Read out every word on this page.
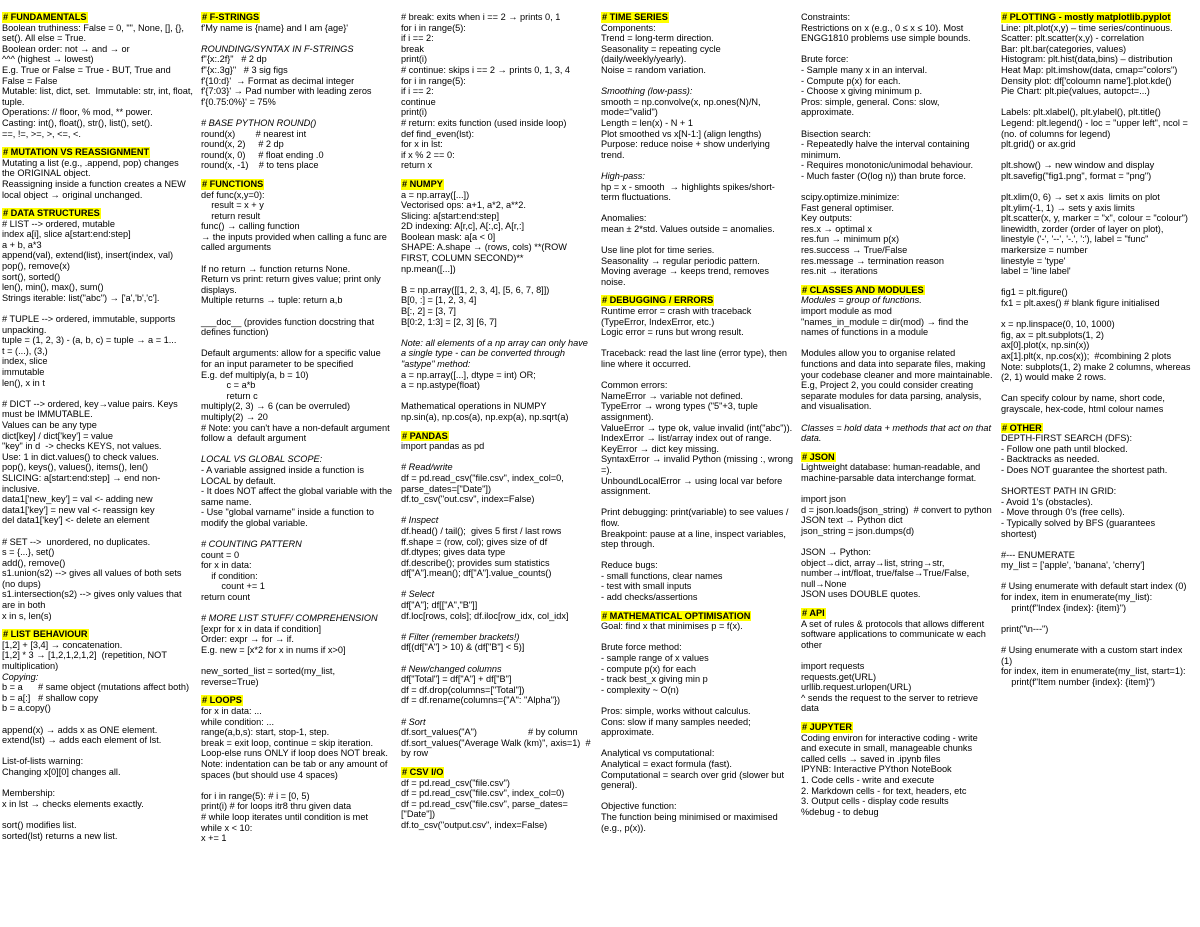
# FUNDAMENTALS
Boolean truthiness: False = 0, "", None, [], {}, set(). All else = True.
Boolean order: not → and → or
^^^ (highest → lowest)
E.g. True or False = True - BUT, True and False = False
Mutable: list, dict, set.  Immutable: str, int, float, tuple.
Operations: // floor, % mod, ** power.
Casting: int(), float(), str(), list(), set().
==, !=, >=, >, <=, <.
# MUTATION VS REASSIGNMENT
Mutating a list (e.g., .append, pop) changes the ORIGINAL object.
Reassigning inside a function creates a NEW local object → original unchanged.
# DATA STRUCTURES
# LIST --> ordered, mutable
index a[i], slice a[start:end:step]
a + b, a*3
append(val), extend(list), insert(index, val)
pop(), remove(x)
sort(), sorted()
len(), min(), max(), sum()
Strings iterable: list("abc") → ['a','b','c'].
# TUPLE --> ordered, immutable, supports unpacking.
tuple = (1, 2, 3) - (a, b, c) = tuple → a = 1...
t = (...), (3,)
index, slice
immutable
len(), x in t
# DICT --> ordered, key→value pairs. Keys must be IMMUTABLE.
Values can be any type
dict[key] / dict['key'] = value
"key" in d  -> checks KEYS, not values.
Use: 1 in dict.values() to check values.
pop(), keys(), values(), items(), len()
SLICING: a[start:end:step] → end non-inclusive.
data1['new_key'] = val <- adding new
data1['key'] = new val <- reassign key
del data1['key'] <- delete an element
# SET -->  unordered, no duplicates.
s = {...}, set()
add(), remove()
s1.union(s2) --> gives all values of both sets (no dups)
s1.intersection(s2) --> gives only values that are in both
x in s, len(s)
# LIST BEHAVIOUR
[1,2] + [3,4] → concatenation.
[1,2] * 3 → [1,2,1,2,1,2]  (repetition, NOT multiplication)
Copying:
b = a      # same object (mutations affect both)
b = a[:]   # shallow copy
b = a.copy()
append(x) → adds x as ONE element.
extend(lst) → adds each element of lst.
List-of-lists warning:
Changing x[0][0] changes all.
Membership:
x in lst → checks elements exactly.
sort() modifies list.
sorted(lst) returns a new list.
# F-STRINGS
f'My name is {name} and I am {age}'
ROUNDING/SYNTAX IN F-STRINGS
f"{x:.2f}"   # 2 dp
f"{x:.3g}"   # 3 sig figs
f'{10:d}'  → Format as decimal integer
f'{7:03}' → Pad number with leading zeros
f'{0.75:0%}' = 75%
# BASE PYTHON ROUND()
round(x)        # nearest int
round(x, 2)     # 2 dp
round(x, 0)     # float ending .0
round(x, -1)    # to tens place
# FUNCTIONS
def func(x,y=0):
result = x + y
return result
func() → calling function
→ the inputs provided when calling a func are called arguments
If no return → function returns None.
Return vs print: return gives value; print only displays.
Multiple returns → tuple: return a,b
___doc__ (provides function docstring that defines function)
Default arguments: allow for a specific value for an input parameter to be specified
E.g. def multiply(a, b = 10)
c = a*b
return c
multiply(2, 3) → 6 (can be overruled)
multiply(2) → 20
# Note: you can't have a non-default argument follow a  default argument
LOCAL VS GLOBAL SCOPE:
- A variable assigned inside a function is LOCAL by default.
- It does NOT affect the global variable with the same name.
- Use "global varname" inside a function to modify the global variable.
# COUNTING PATTERN
count = 0
for x in data:
if condition:
count += 1
return count
# MORE LIST STUFF/ COMPREHENSION
[expr for x in data if condition]
Order: expr → for → if.
E.g. new = [x*2 for x in nums if x>0]
new_sorted_list = sorted(my_list, reverse=True)
# LOOPS
for x in data: ...
while condition: ...
range(a,b,s): start, stop-1, step.
break = exit loop, continue = skip iteration.
Loop-else runs ONLY if loop does NOT break.
Note: indentation can be tab or any amount of spaces (but should use 4 spaces)
for i in range(5): # i = [0, 5)
print(i) # for loops itr8 thru given data
# while loop iterates until condition is met
while x < 10:
x += 1
# break: exits when i == 2 → prints 0, 1
for i in range(5):
if i == 2:
break
print(i)
# continue: skips i == 2 → prints 0, 1, 3, 4
for i in range(5):
if i == 2:
continue
print(i)
# return: exits function (used inside loop)
def find_even(lst):
for x in lst:
if x % 2 == 0:
return x
# NUMPY
a = np.array([...])
Vectorised ops: a+1, a*2, a**2.
Slicing: a[start:end:step]
2D indexing: A[r,c], A[:,c], A[r,:]
Boolean mask: a[a < 0]
SHAPE: A.shape → (rows, cols) **(ROW FIRST, COLUMN SECOND)**
np.mean([...])
B = np.array([[1, 2, 3, 4], [5, 6, 7, 8]])
B[0, :] = [1, 2, 3, 4]
B[:, 2] = [3, 7]
B[0:2, 1:3] = [2, 3] [6, 7]
Note: all elements of a np array can only have a single type - can be converted through "astype" method:
a = np.array([...], dtype = int) OR;
a = np.astype(float)
Mathematical operations in NUMPY
np.sin(a), np.cos(a), np.exp(a), np.sqrt(a)
# PANDAS
import pandas as pd
# Read/write
df = pd.read_csv("file.csv", index_col=0, parse_dates=["Date"])
df.to_csv("out.csv", index=False)
# Inspect
df.head() / tail();  gives 5 first / last rows
ff.shape = (row, col); gives size of df
df.dtypes; gives data type
df.describe(); provides sum statistics
df["A"].mean(); df["A"].value_counts()
# Select
df["A"]; df[["A","B"]]
df.loc[rows, cols]; df.iloc[row_idx, col_idx]
# Filter (remember brackets!)
df[(df["A"] > 10) & (df["B"] < 5)]
# New/changed columns
df["Total"] = df["A"] + df["B"]
df = df.drop(columns=["Total"])
df = df.rename(columns={"A": "Alpha"})
# Sort
df.sort_values("A")                    # by column
df.sort_values("Average Walk (km)", axis=1)  # by row
# CSV I/O
df = pd.read_csv("file.csv")
df = pd.read_csv("file.csv", index_col=0)
df = pd.read_csv("file.csv", parse_dates=["Date"])
df.to_csv("output.csv", index=False)
# TIME SERIES
Components:
Trend = long-term direction.
Seasonality = repeating cycle (daily/weekly/yearly).
Noise = random variation.
Smoothing (low-pass):
smooth = np.convolve(x, np.ones(N)/N, mode="valid")
Length = len(x) - N + 1
Plot smoothed vs x[N-1:] (align lengths)
Purpose: reduce noise + show underlying trend.
High-pass:
hp = x - smooth  → highlights spikes/short-term fluctuations.
Anomalies:
mean ± 2*std. Values outside = anomalies.
Use line plot for time series.
Seasonality → regular periodic pattern.
Moving average → keeps trend, removes noise.
# DEBUGGING / ERRORS
Runtime error = crash with traceback (TypeError, IndexError, etc.)
Logic error = runs but wrong result.
Traceback: read the last line (error type), then line where it occurred.
Common errors:
NameError → variable not defined.
TypeError → wrong types ("5"+3, tuple assignment).
ValueError → type ok, value invalid (int("abc")).
IndexError → list/array index out of range.
KeyError → dict key missing.
SyntaxError → invalid Python (missing :, wrong =).
UnboundLocalError → using local var before assignment.
Print debugging: print(variable) to see values / flow.
Breakpoint: pause at a line, inspect variables, step through.
Reduce bugs:
- small functions, clear names
- test with small inputs
- add checks/assertions
# MATHEMATICAL OPTIMISATION
Goal: find x that minimises p = f(x).
Brute force method:
- sample range of x values
- compute p(x) for each
- track best_x giving min p
- complexity ~ O(n)
Pros: simple, works without calculus.
Cons: slow if many samples needed; approximate.
Analytical vs computational:
Analytical = exact formula (fast).
Computational = search over grid (slower but general).
Objective function:
The function being minimised or maximised (e.g., p(x)).
Constraints:
Restrictions on x (e.g., 0 ≤ x ≤ 10). Most ENGG1810 problems use simple bounds.
Brute force:
- Sample many x in an interval.
- Compute p(x) for each.
- Choose x giving minimum p.
Pros: simple, general. Cons: slow, approximate.
Bisection search:
- Repeatedly halve the interval containing minimum.
- Requires monotonic/unimodal behaviour.
- Much faster (O(log n)) than brute force.
scipy.optimize.minimize:
Fast general optimiser.
Key outputs:
res.x → optimal x
res.fun → minimum p(x)
res.success → True/False
res.message → termination reason
res.nit → iterations
# CLASSES AND MODULES
Modules = group of functions.
import module as mod
"names_in_module = dir(mod) → find the names of functions in a module
Modules allow you to organise related functions and data into separate files, making your codebase cleaner and more maintainable. E.g, Project 2, you could consider creating separate modules for data parsing, analysis, and visualisation.
Classes = hold data + methods that act on that data.
# JSON
Lightweight database: human-readable, and machine-parsable data interchange format.
import json
d = json.loads(json_string)  # convert to python
JSON text → Python dict
json_string = json.dumps(d)
JSON → Python:
object→dict, array→list, string→str, number→int/float, true/false→True/False, null→None
JSON uses DOUBLE quotes.
# API
A set of rules & protocols that allows different software applications to communicate w each other
import requests
requests.get(URL)
urllib.request.urlopen(URL)
^ sends the request to the server to retrieve data
# JUPYTER
Coding environ for interactive coding - write and execute in small, manageable chunks called cells → saved in .ipynb files
IPYNB: Interactive PYthon NoteBook
1. Code cells - write and execute
2. Markdown cells - for text, headers, etc
3. Output cells - display code results
%debug - to debug
# PLOTTING - mostly matplotlib.pyplot
Line: plt.plot(x,y) – time series/continuous.
Scatter: plt.scatter(x,y) - correlation
Bar: plt.bar(categories, values)
Histogram: plt.hist(data,bins) – distribution
Heat Map: plt.imshow(data, cmap="colors")
Density plot: df['coloumn name'].plot.kde()
Pie Chart: plt.pie(values, autopct=...)
Labels: plt.xlabel(), plt.ylabel(), plt.title()
Legend: plt.legend() - loc = "upper left", ncol = (no. of columns for legend)
plt.grid() or ax.grid
plt.show() → new window and display
plt.savefig("fig1.png", format = "png")
plt.xlim(0, 6) → set x axis  limits on plot
plt.ylim(-1, 1) → sets y axis limits
plt.scatter(x, y, marker = "x", colour = "colour")
linewidth, zorder (order of layer on plot),
linestyle ('-', '--', '-.', ':'), label = "func"
markersize = number
linestyle = 'type'
label = 'line label'
fig1 = plt.figure()
fx1 = plt.axes() # blank figure initialised
x = np.linspace(0, 10, 1000)
fig, ax = plt.subplots(1, 2)
ax[0].plot(x, np.sin(x))
ax[1].plt(x, np.cos(x));  #combining 2 plots
Note: subplots(1, 2) make 2 columns, whereas (2, 1) would make 2 rows.
Can specify colour by name, short code, grayscale, hex-code, html colour names
# OTHER
DEPTH-FIRST SEARCH (DFS):
- Follow one path until blocked.
- Backtracks as needed.
- Does NOT guarantee the shortest path.
SHORTEST PATH IN GRID:
- Avoid 1's (obstacles).
- Move through 0's (free cells).
- Typically solved by BFS (guarantees shortest)
#--- ENUMERATE
my_list = ['apple', 'banana', 'cherry']
# Using enumerate with default start index (0)
for index, item in enumerate(my_list):
print(f"Index {index}: {item}")
print("\n---")
# Using enumerate with a custom start index (1)
for index, item in enumerate(my_list, start=1):
print(f"Item number {index}: {item}")
